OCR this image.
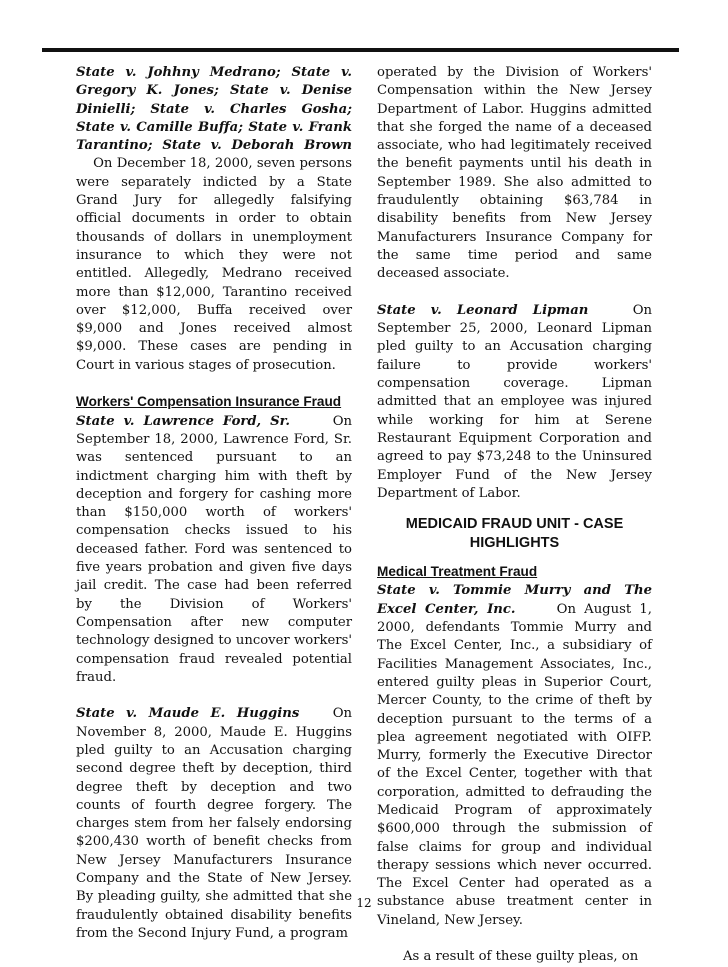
State v. Johhny Medrano; State v. Gregory K. Jones; State v. Denise Dinielli; State v. Charles Gosha; State v. Camille Buffa; State v. Frank Tarantino; State v. Deborah Brown     On December 18, 2000, seven persons were separately indicted by a State Grand Jury for allegedly falsifying official documents in order to obtain thousands of dollars in unemployment insurance to which they were not entitled. Allegedly, Medrano received more than $12,000, Tarantino received over $12,000, Buffa received over $9,000 and Jones received almost $9,000. These cases are pending in Court in various stages of prosecution.

Workers' Compensation Insurance Fraud

State v. Lawrence Ford, Sr.	On September 18, 2000, Lawrence Ford, Sr. was sentenced pursuant to an indictment charging him with theft by deception and forgery for cashing more than $150,000 worth of workers' compensation checks issued to his deceased father. Ford was sentenced to five years probation and given five days jail credit. The case had been referred by the Division of Workers' Compensation after new computer technology designed to uncover workers' compensation fraud revealed potential fraud.

State v. Maude E. Huggins	On November 8, 2000, Maude E. Huggins pled guilty to an Accusation charging second degree theft by deception, third degree theft by deception and two counts of fourth degree forgery. The charges stem from her falsely endorsing $200,430 worth of benefit checks from New Jersey Manufacturers Insurance Company and the State of New Jersey. By pleading guilty, she admitted that she fraudulently obtained disability benefits from the Second Injury Fund, a program

operated by the Division of Workers' Compensation within the New Jersey Department of Labor. Huggins admitted that she forged the name of a deceased associate, who had legitimately received the benefit payments until his death in September 1989. She also admitted to fraudulently obtaining $63,784 in disability benefits from New Jersey Manufacturers Insurance Company for the same time period and same deceased associate.

State v. Leonard Lipman	On September 25, 2000, Leonard Lipman pled guilty to an Accusation charging failure to provide workers' compensation coverage. Lipman admitted that an employee was injured while working for him at Serene Restaurant Equipment Corporation and agreed to pay $73,248 to the Uninsured Employer Fund of the New Jersey Department of Labor.

MEDICAID FRAUD UNIT - CASE
HIGHLIGHTS

Medical Treatment Fraud

State v. Tommie Murry and The Excel Center, Inc.	On August 1, 2000, defendants Tommie Murry and The Excel Center, Inc., a subsidiary of Facilities Management Associates, Inc., entered guilty pleas in Superior Court, Mercer County, to the crime of theft by deception pursuant to the terms of a plea agreement negotiated with OIFP. Murry, formerly the Executive Director of the Excel Center, together with that corporation, admitted to defrauding the Medicaid Program of approximately $600,000 through the submission of false claims for group and individual therapy sessions which never occurred. The Excel Center had operated as a substance abuse treatment center in Vineland, New Jersey.

As a result of these guilty pleas, on

12
